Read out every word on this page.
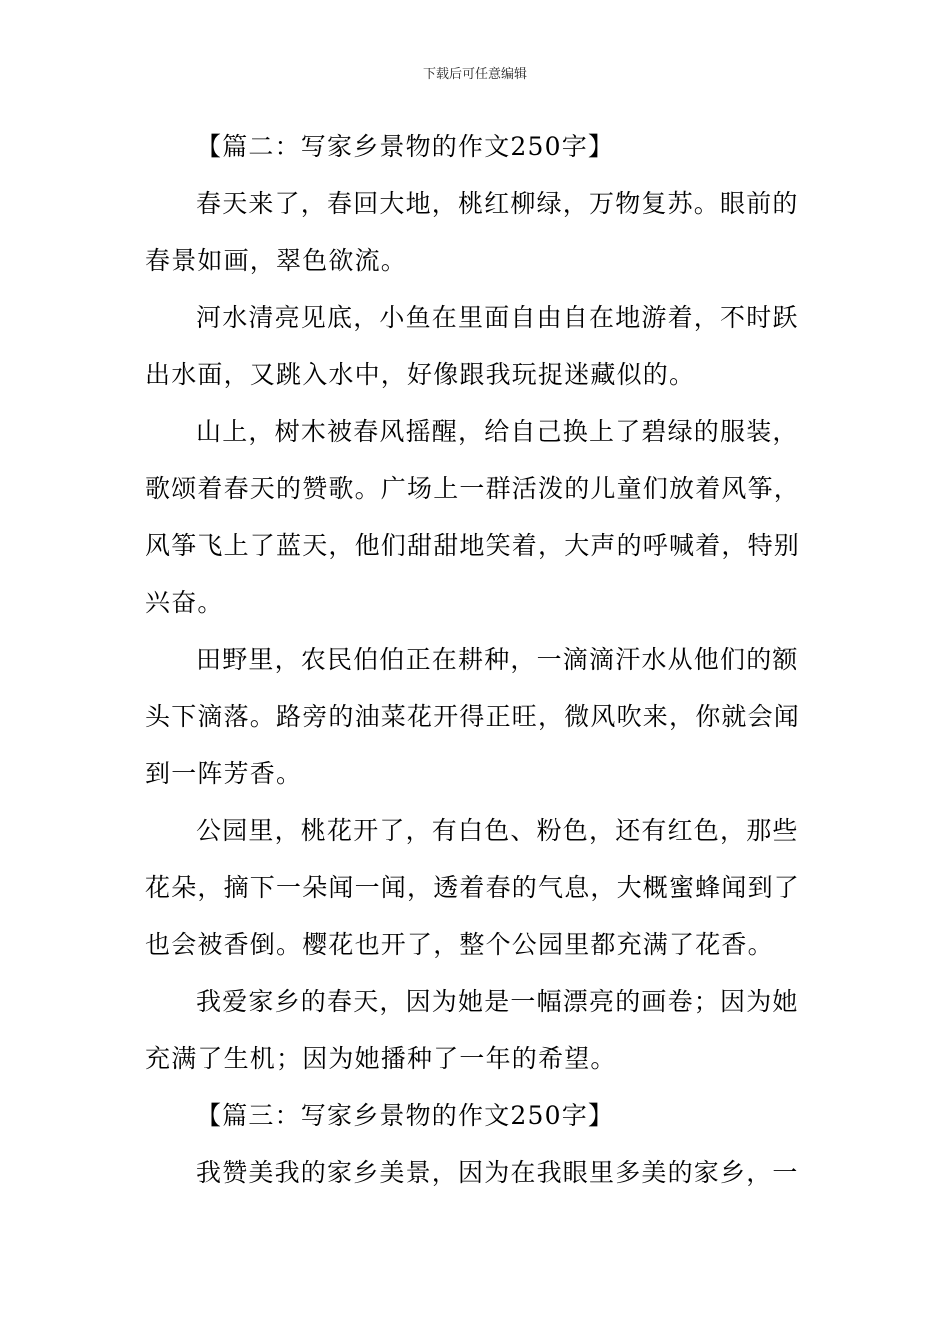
下载后可任意编辑
【篇二：写家乡景物的作文250字】
春天来了，春回大地，桃红柳绿，万物复苏。眼前的
春景如画，翠色欲流。
河水清亮见底，小鱼在里面自由自在地游着，不时跃
出水面，又跳入水中，好像跟我玩捉迷藏似的。
山上，树木被春风摇醒，给自己换上了碧绿的服装，
歌颂着春天的赞歌。广场上一群活泼的儿童们放着风筝，
风筝飞上了蓝天，他们甜甜地笑着，大声的呼喊着，特别
兴奋。
田野里，农民伯伯正在耕种，一滴滴汗水从他们的额
头下滴落。路旁的油菜花开得正旺，微风吹来，你就会闻
到一阵芳香。
公园里，桃花开了，有白色、粉色，还有红色，那些
花朵，摘下一朵闻一闻，透着春的气息，大概蜜蜂闻到了
也会被香倒。樱花也开了，整个公园里都充满了花香。
我爱家乡的春天，因为她是一幅漂亮的画卷；因为她
充满了生机；因为她播种了一年的希望。
【篇三：写家乡景物的作文250字】
我赞美我的家乡美景，因为在我眼里多美的家乡，一
